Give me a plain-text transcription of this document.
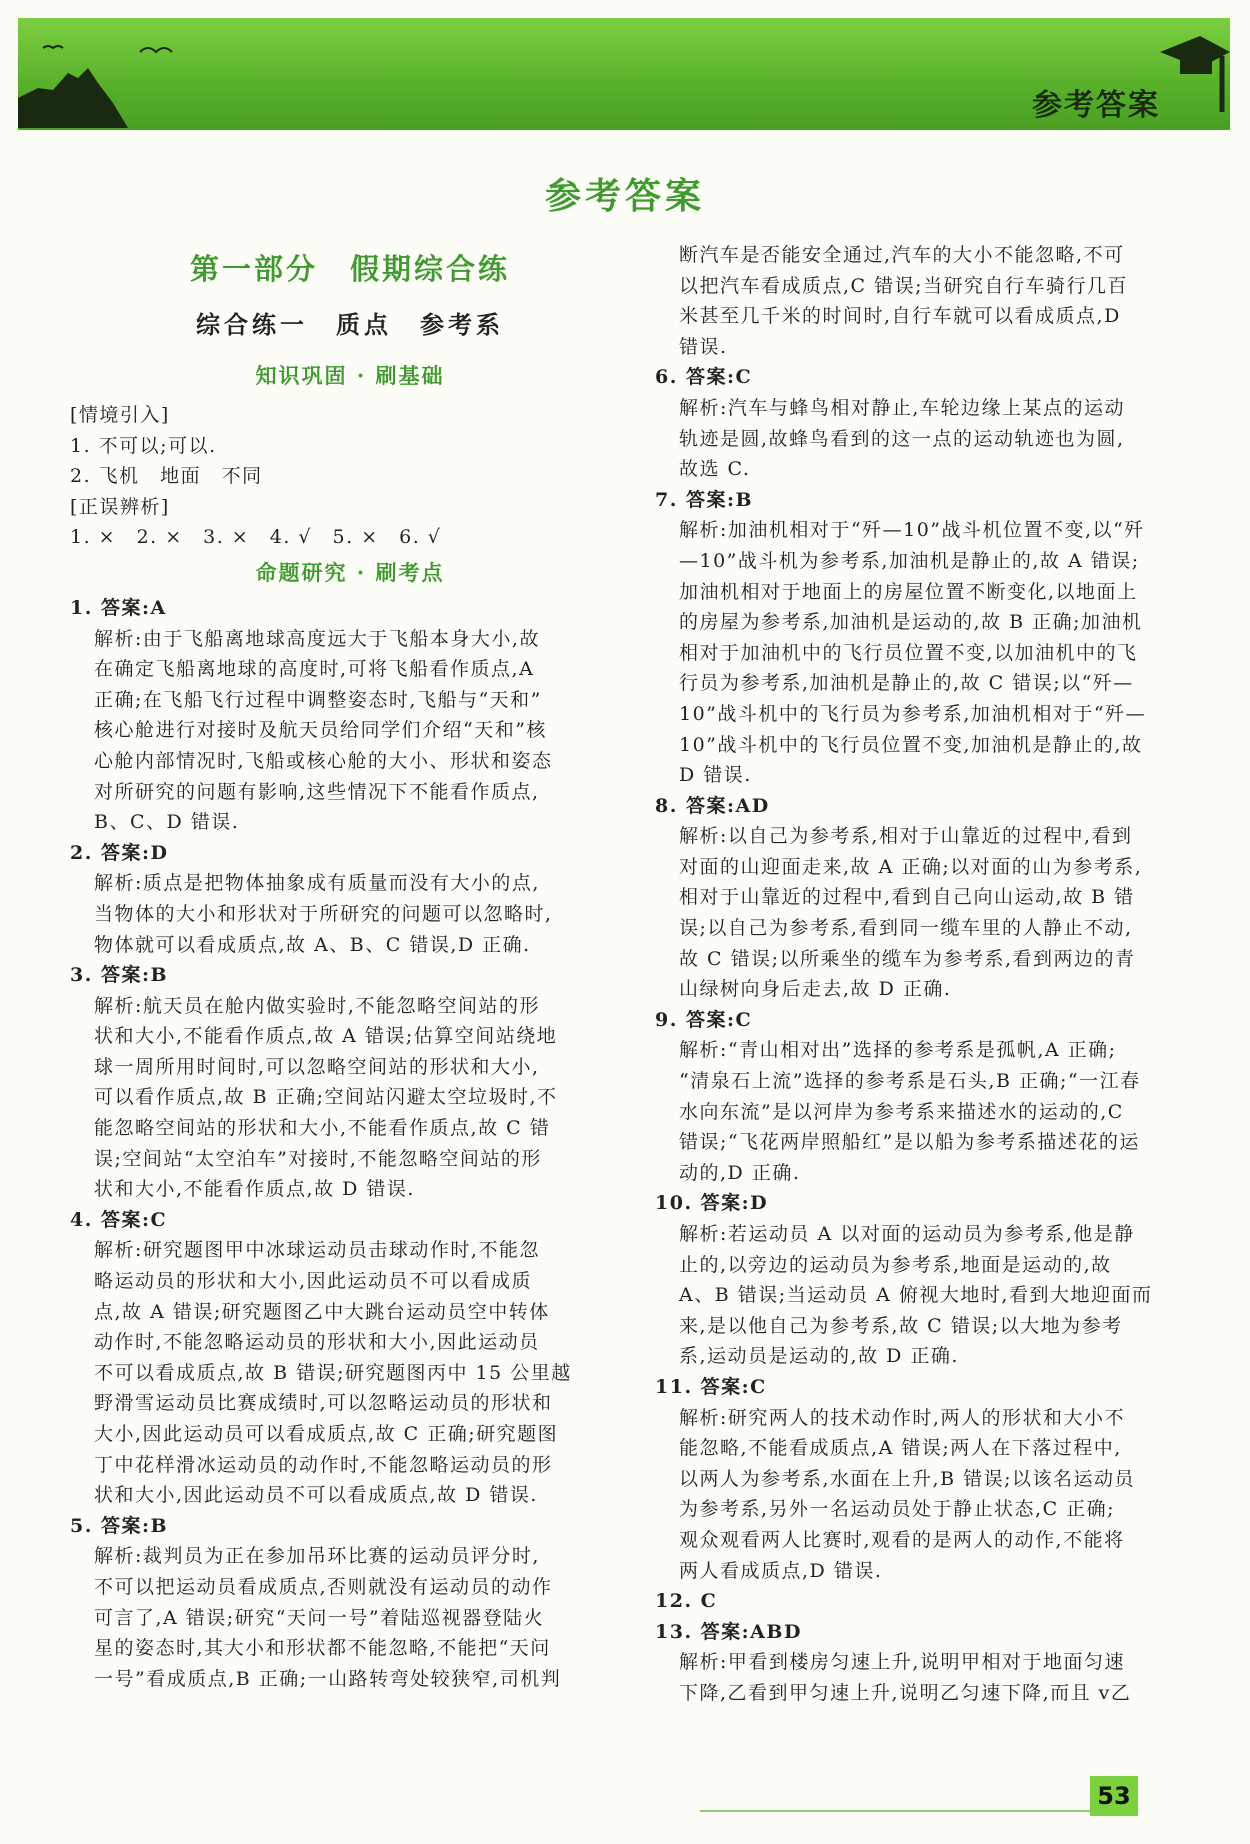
参考答案
参考答案
第一部分　假期综合练
综合练一　质点　参考系
知识巩固 · 刷基础
[情境引入]
1. 不可以;可以.
2. 飞机　地面　不同
[正误辨析]
1. ×　2. ×　3. ×　4. √　5. ×　6. √
命题研究 · 刷考点
1. 答案:A
解析:由于飞船离地球高度远大于飞船本身大小,故
在确定飞船离地球的高度时,可将飞船看作质点,A
正确;在飞船飞行过程中调整姿态时,飞船与“天和”
核心舱进行对接时及航天员给同学们介绍“天和”核
心舱内部情况时,飞船或核心舱的大小、形状和姿态
对所研究的问题有影响,这些情况下不能看作质点,
B、C、D 错误.
2. 答案:D
解析:质点是把物体抽象成有质量而没有大小的点,
当物体的大小和形状对于所研究的问题可以忽略时,
物体就可以看成质点,故 A、B、C 错误,D 正确.
3. 答案:B
解析:航天员在舱内做实验时,不能忽略空间站的形
状和大小,不能看作质点,故 A 错误;估算空间站绕地
球一周所用时间时,可以忽略空间站的形状和大小,
可以看作质点,故 B 正确;空间站闪避太空垃圾时,不
能忽略空间站的形状和大小,不能看作质点,故 C 错
误;空间站“太空泊车”对接时,不能忽略空间站的形
状和大小,不能看作质点,故 D 错误.
4. 答案:C
解析:研究题图甲中冰球运动员击球动作时,不能忽
略运动员的形状和大小,因此运动员不可以看成质
点,故 A 错误;研究题图乙中大跳台运动员空中转体
动作时,不能忽略运动员的形状和大小,因此运动员
不可以看成质点,故 B 错误;研究题图丙中 15 公里越
野滑雪运动员比赛成绩时,可以忽略运动员的形状和
大小,因此运动员可以看成质点,故 C 正确;研究题图
丁中花样滑冰运动员的动作时,不能忽略运动员的形
状和大小,因此运动员不可以看成质点,故 D 错误.
5. 答案:B
解析:裁判员为正在参加吊环比赛的运动员评分时,
不可以把运动员看成质点,否则就没有运动员的动作
可言了,A 错误;研究“天问一号”着陆巡视器登陆火
星的姿态时,其大小和形状都不能忽略,不能把“天问
一号”看成质点,B 正确;一山路转弯处较狭窄,司机判
断汽车是否能安全通过,汽车的大小不能忽略,不可
以把汽车看成质点,C 错误;当研究自行车骑行几百
米甚至几千米的时间时,自行车就可以看成质点,D
错误.
6. 答案:C
解析:汽车与蜂鸟相对静止,车轮边缘上某点的运动
轨迹是圆,故蜂鸟看到的这一点的运动轨迹也为圆,
故选 C.
7. 答案:B
解析:加油机相对于“歼—10”战斗机位置不变,以“歼
—10”战斗机为参考系,加油机是静止的,故 A 错误;
加油机相对于地面上的房屋位置不断变化,以地面上
的房屋为参考系,加油机是运动的,故 B 正确;加油机
相对于加油机中的飞行员位置不变,以加油机中的飞
行员为参考系,加油机是静止的,故 C 错误;以“歼—
10”战斗机中的飞行员为参考系,加油机相对于“歼—
10”战斗机中的飞行员位置不变,加油机是静止的,故
D 错误.
8. 答案:AD
解析:以自己为参考系,相对于山靠近的过程中,看到
对面的山迎面走来,故 A 正确;以对面的山为参考系,
相对于山靠近的过程中,看到自己向山运动,故 B 错
误;以自己为参考系,看到同一缆车里的人静止不动,
故 C 错误;以所乘坐的缆车为参考系,看到两边的青
山绿树向身后走去,故 D 正确.
9. 答案:C
解析:“青山相对出”选择的参考系是孤帆,A 正确;
“清泉石上流”选择的参考系是石头,B 正确;“一江春
水向东流”是以河岸为参考系来描述水的运动的,C
错误;“飞花两岸照船红”是以船为参考系描述花的运
动的,D 正确.
10. 答案:D
解析:若运动员 A 以对面的运动员为参考系,他是静
止的,以旁边的运动员为参考系,地面是运动的,故
A、B 错误;当运动员 A 俯视大地时,看到大地迎面而
来,是以他自己为参考系,故 C 错误;以大地为参考
系,运动员是运动的,故 D 正确.
11. 答案:C
解析:研究两人的技术动作时,两人的形状和大小不
能忽略,不能看成质点,A 错误;两人在下落过程中,
以两人为参考系,水面在上升,B 错误;以该名运动员
为参考系,另外一名运动员处于静止状态,C 正确;
观众观看两人比赛时,观看的是两人的动作,不能将
两人看成质点,D 错误.
12. C
13. 答案:ABD
解析:甲看到楼房匀速上升,说明甲相对于地面匀速
下降,乙看到甲匀速上升,说明乙匀速下降,而且 v乙
53
